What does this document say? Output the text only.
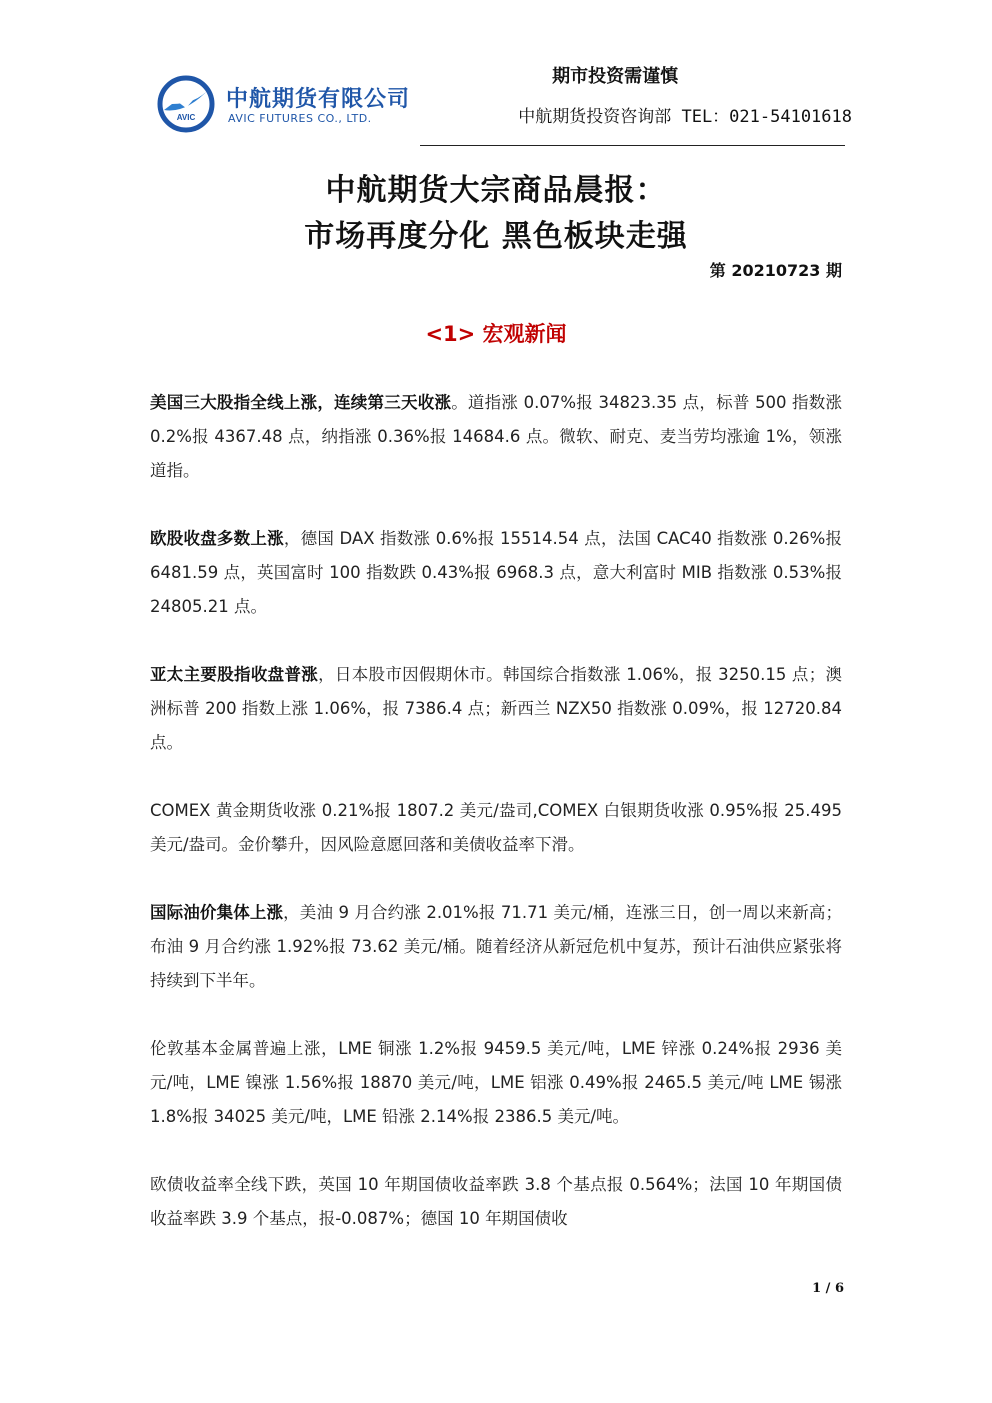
AVIC
中航期货有限公司
AVIC FUTURES CO., LTD.
期市投资需谨慎
中航期货投资咨询部 TEL：021-54101618
中航期货大宗商品晨报：
市场再度分化 黑色板块走强
第 20210723 期
<1> 宏观新闻

美国三大股指全线上涨，连续第三天收涨。道指涨 0.07%报 34823.35 点，标普 500 指数涨 0.2%报 4367.48 点，纳指涨 0.36%报 14684.6 点。微软、耐克、麦当劳均涨逾 1%，领涨道指。

欧股收盘多数上涨，德国 DAX 指数涨 0.6%报 15514.54 点，法国 CAC40 指数涨 0.26%报 6481.59 点，英国富时 100 指数跌 0.43%报 6968.3 点，意大利富时 MIB 指数涨 0.53%报 24805.21 点。

亚太主要股指收盘普涨，日本股市因假期休市。韩国综合指数涨 1.06%，报 3250.15 点；澳洲标普 200 指数上涨 1.06%，报 7386.4 点；新西兰 NZX50 指数涨 0.09%，报 12720.84 点。

COMEX 黄金期货收涨 0.21%报 1807.2 美元/盎司,COMEX 白银期货收涨 0.95%报 25.495 美元/盎司。金价攀升，因风险意愿回落和美债收益率下滑。

国际油价集体上涨，美油 9 月合约涨 2.01%报 71.71 美元/桶，连涨三日，创一周以来新高；布油 9 月合约涨 1.92%报 73.62 美元/桶。随着经济从新冠危机中复苏，预计石油供应紧张将持续到下半年。

伦敦基本金属普遍上涨，LME 铜涨 1.2%报 9459.5 美元/吨，LME 锌涨 0.24%报 2936 美元/吨，LME 镍涨 1.56%报 18870 美元/吨，LME 铝涨 0.49%报 2465.5 美元/吨 LME 锡涨 1.8%报 34025 美元/吨，LME 铅涨 2.14%报 2386.5 美元/吨。

欧债收益率全线下跌，英国 10 年期国债收益率跌 3.8 个基点报 0.564%；法国 10 年期国债收益率跌 3.9 个基点，报-0.087%；德国 10 年期国债收

1 / 6
